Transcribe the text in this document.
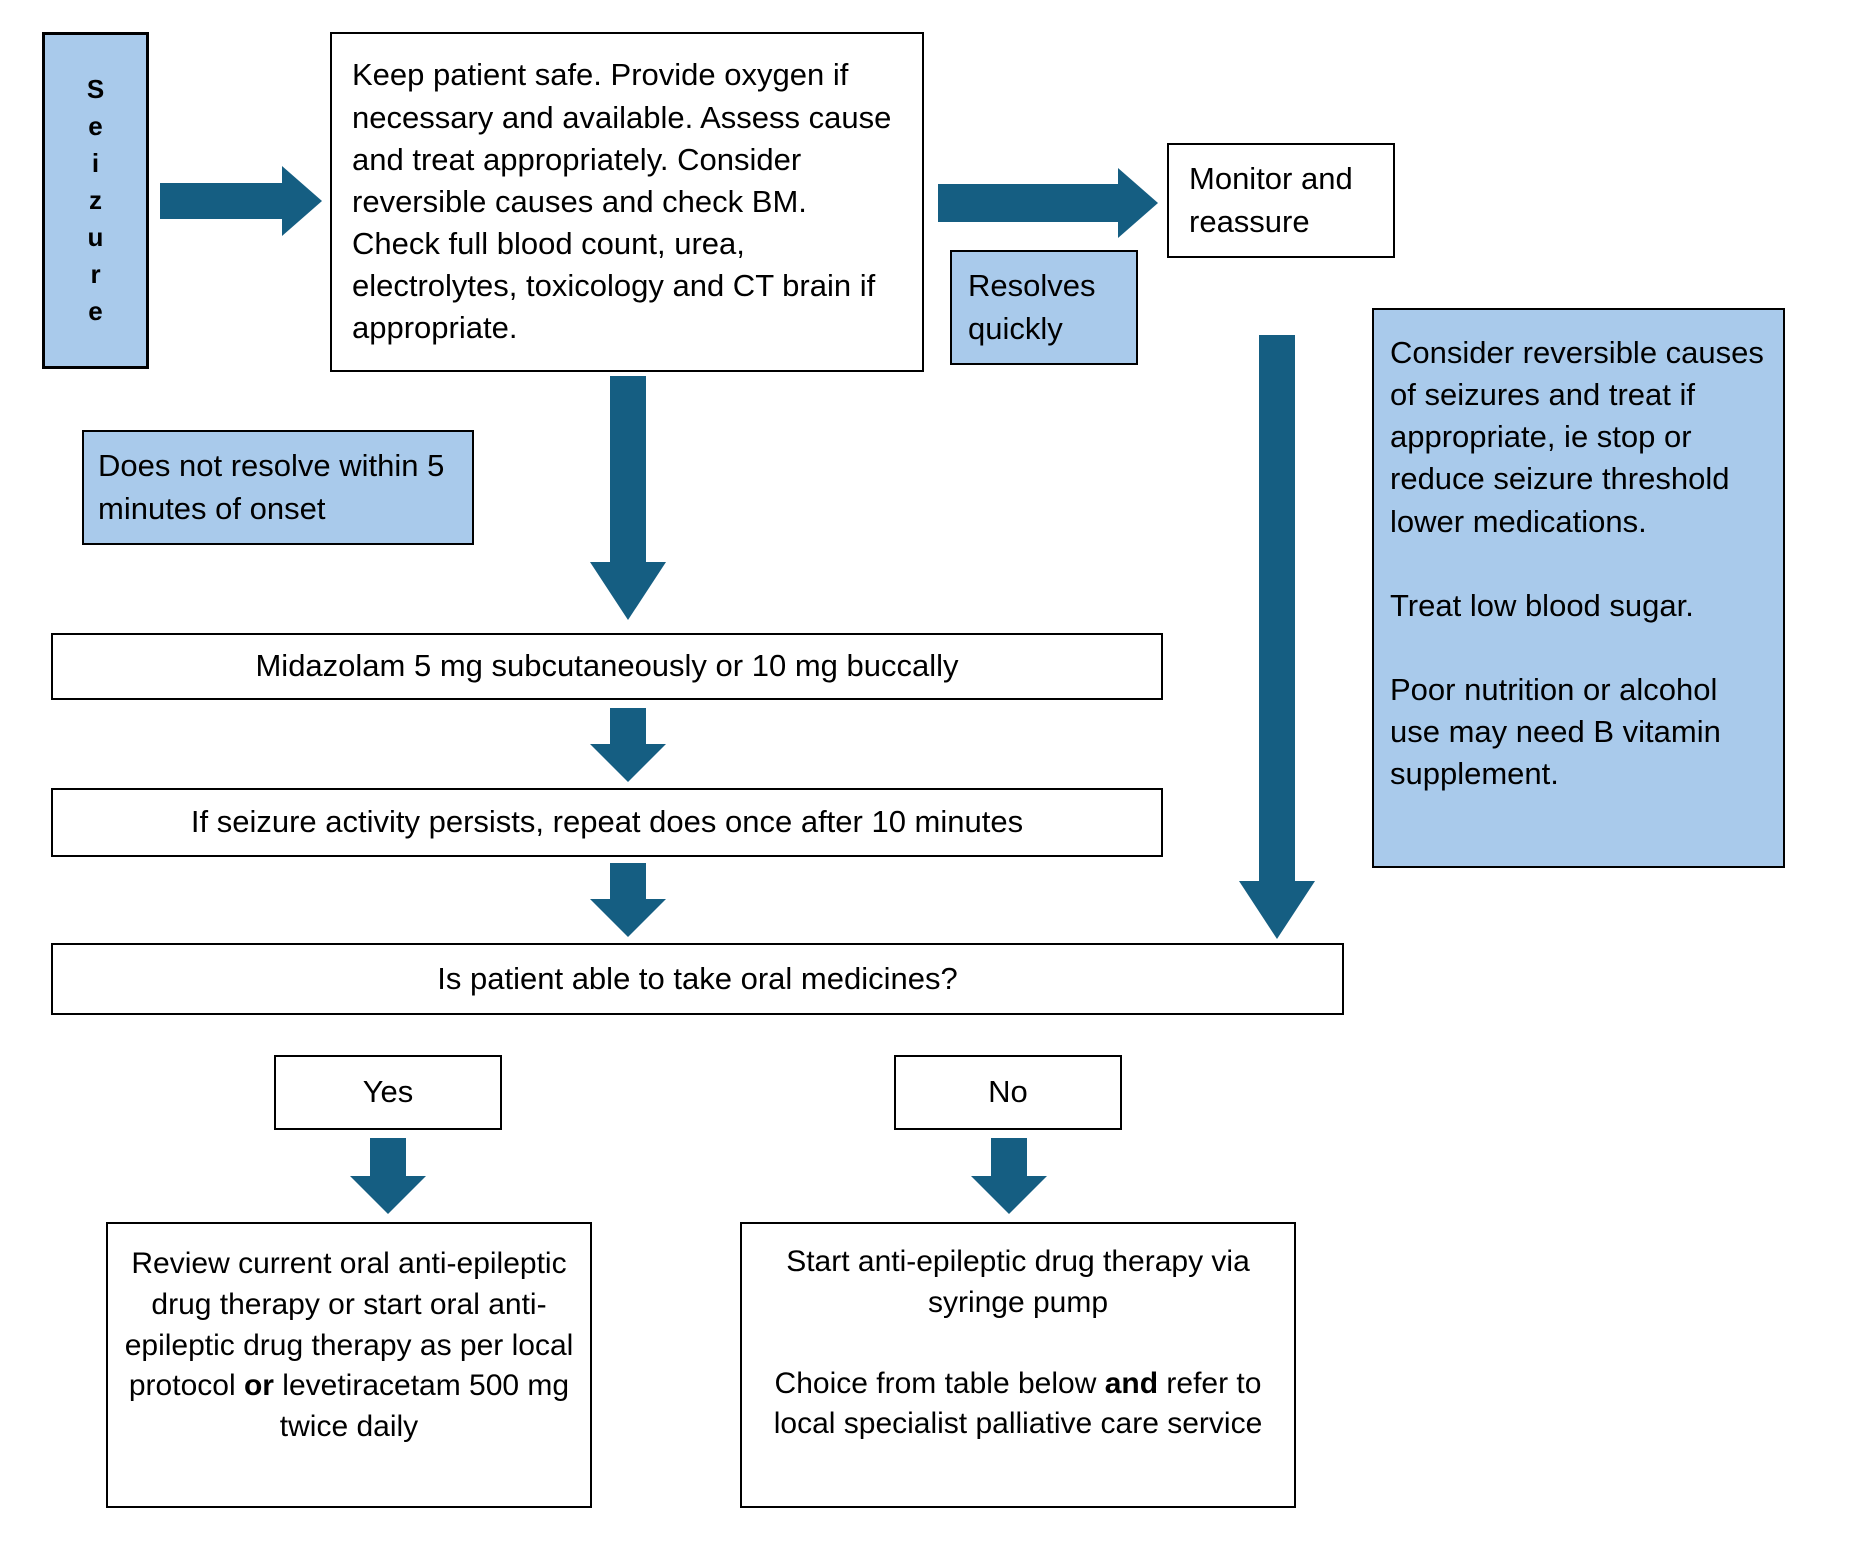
S
e
i
z
u
r
e
Keep patient safe. Provide oxygen if necessary and available. Assess cause and treat appropriately. Consider reversible causes and check BM. Check full blood count, urea, electrolytes, toxicology and CT brain if appropriate.
Monitor and reassure
Resolves quickly
Does not resolve within 5 minutes of onset
Consider reversible causes of seizures and treat if appropriate, ie stop or reduce seizure threshold lower medications.
Treat low blood sugar.
Poor nutrition or alcohol use may need B vitamin supplement.
Midazolam 5 mg subcutaneously or 10 mg buccally
If seizure activity persists, repeat does once after 10 minutes
Is patient able to take oral medicines?
Yes	No
Review current oral anti-epileptic drug therapy or start oral anti-epileptic drug therapy as per local protocol or levetiracetam 500 mg twice daily
Start anti-epileptic drug therapy via syringe pump
Choice from table below and refer to local specialist palliative care service
